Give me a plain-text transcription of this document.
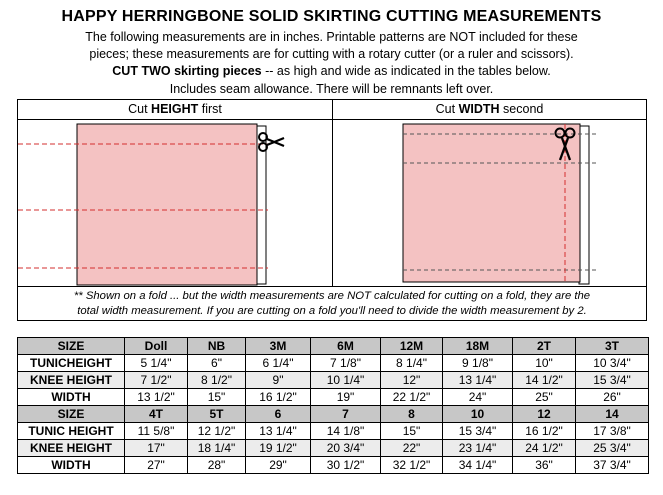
HAPPY HERRINGBONE SOLID SKIRTING CUTTING MEASUREMENTS
The following measurements are in inches. Printable patterns are NOT included for these
pieces; these measurements are for cutting with a rotary cutter (or a ruler and scissors).
CUT TWO skirting pieces -- as high and wide as indicated in the tables below.
Includes seam allowance. There will be remnants left over.
Cut HEIGHT first	Cut WIDTH second
** Shown on a fold ... but the width measurements are NOT calculated for cutting on a fold, they are the
total width measurement. If you are cutting on a fold you'll need to divide the width measurement by 2.
SIZE	Doll	NB	3M	6M	12M	18M	2T	3T
TUNICHEIGHT	5 1/4"	6"	6 1/4"	7 1/8"	8 1/4"	9 1/8"	10"	10 3/4"
KNEE HEIGHT	7 1/2"	8 1/2"	9"	10 1/4"	12"	13 1/4"	14 1/2"	15 3/4"
WIDTH	13 1/2"	15"	16 1/2"	19"	22 1/2"	24"	25"	26"
SIZE	4T	5T	6	7	8	10	12	14
TUNIC HEIGHT	11 5/8"	12 1/2"	13 1/4"	14 1/8"	15"	15 3/4"	16 1/2"	17 3/8"
KNEE HEIGHT	17"	18 1/4"	19 1/2"	20 3/4"	22"	23 1/4"	24 1/2"	25 3/4"
WIDTH	27"	28"	29"	30 1/2"	32 1/2"	34 1/4"	36"	37 3/4"
